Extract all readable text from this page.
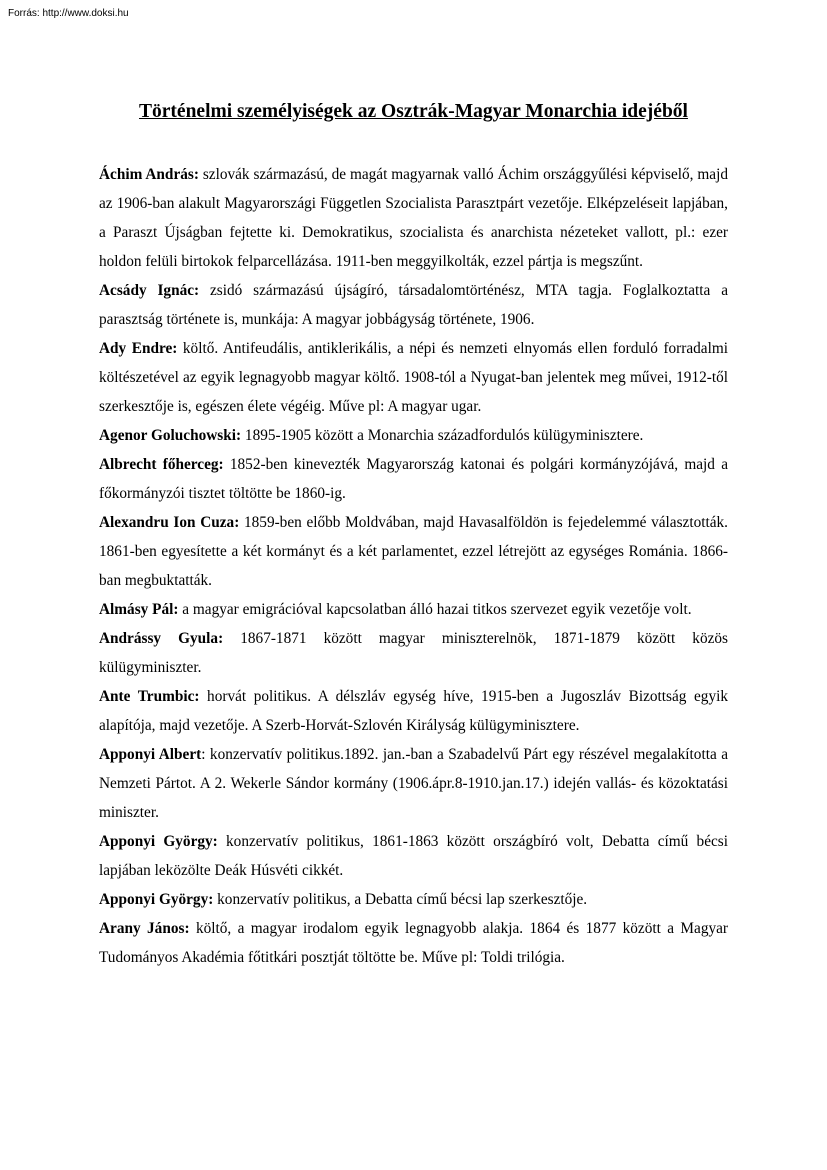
Forrás: http://www.doksi.hu
Történelmi személyiségek az Osztrák-Magyar Monarchia idejéből

Áchim András: szlovák származású, de magát magyarnak valló Áchim országgyűlési képviselő, majd az 1906-ban alakult Magyarországi Független Szocialista Parasztpárt vezetője. Elképzeléseit lapjában, a Paraszt Újságban fejtette ki. Demokratikus, szocialista és anarchista nézeteket vallott, pl.: ezer holdon felüli birtokok felparcellázása. 1911-ben meggyilkolták, ezzel pártja is megszűnt.

Acsády Ignác: zsidó származású újságíró, társadalomtörténész, MTA tagja. Foglalkoztatta a parasztság története is, munkája: A magyar jobbágyság története, 1906.

Ady Endre: költő. Antifeudális, antiklerikális, a népi és nemzeti elnyomás ellen forduló forradalmi költészetével az egyik legnagyobb magyar költő. 1908-tól a Nyugat-ban jelentek meg művei, 1912-től szerkesztője is, egészen élete végéig. Műve pl: A magyar ugar.

Agenor Goluchowski: 1895-1905 között a Monarchia századfordulós külügyminisztere.

Albrecht főherceg: 1852-ben kinevezték Magyarország katonai és polgári kormányzójává, majd a főkormányzói tisztet töltötte be 1860-ig.

Alexandru Ion Cuza: 1859-ben előbb Moldvában, majd Havasalföldön is fejedelemmé választották. 1861-ben egyesítette a két kormányt és a két parlamentet, ezzel létrejött az egységes Románia. 1866-ban megbuktatták.

Almásy Pál: a magyar emigrációval kapcsolatban álló hazai titkos szervezet egyik vezetője volt.

Andrássy Gyula: 1867-1871 között magyar miniszterelnök, 1871-1879 között közös külügyminiszter.

Ante Trumbic: horvát politikus. A délszláv egység híve, 1915-ben a Jugoszláv Bizottság egyik alapítója, majd vezetője. A Szerb-Horvát-Szlovén Királyság külügyminisztere.

Apponyi Albert: konzervatív politikus.1892. jan.-ban a Szabadelvű Párt egy részével megalakította a Nemzeti Pártot. A 2. Wekerle Sándor kormány (1906.ápr.8-1910.jan.17.) idején vallás- és közoktatási miniszter.

Apponyi György: konzervatív politikus, 1861-1863 között országbíró volt, Debatta című bécsi lapjában leközölte Deák Húsvéti cikkét.

Apponyi György: konzervatív politikus, a Debatta című bécsi lap szerkesztője.

Arany János: költő, a magyar irodalom egyik legnagyobb alakja. 1864 és 1877 között a Magyar Tudományos Akadémia főtitkári posztját töltötte be. Műve pl: Toldi trilógia.
